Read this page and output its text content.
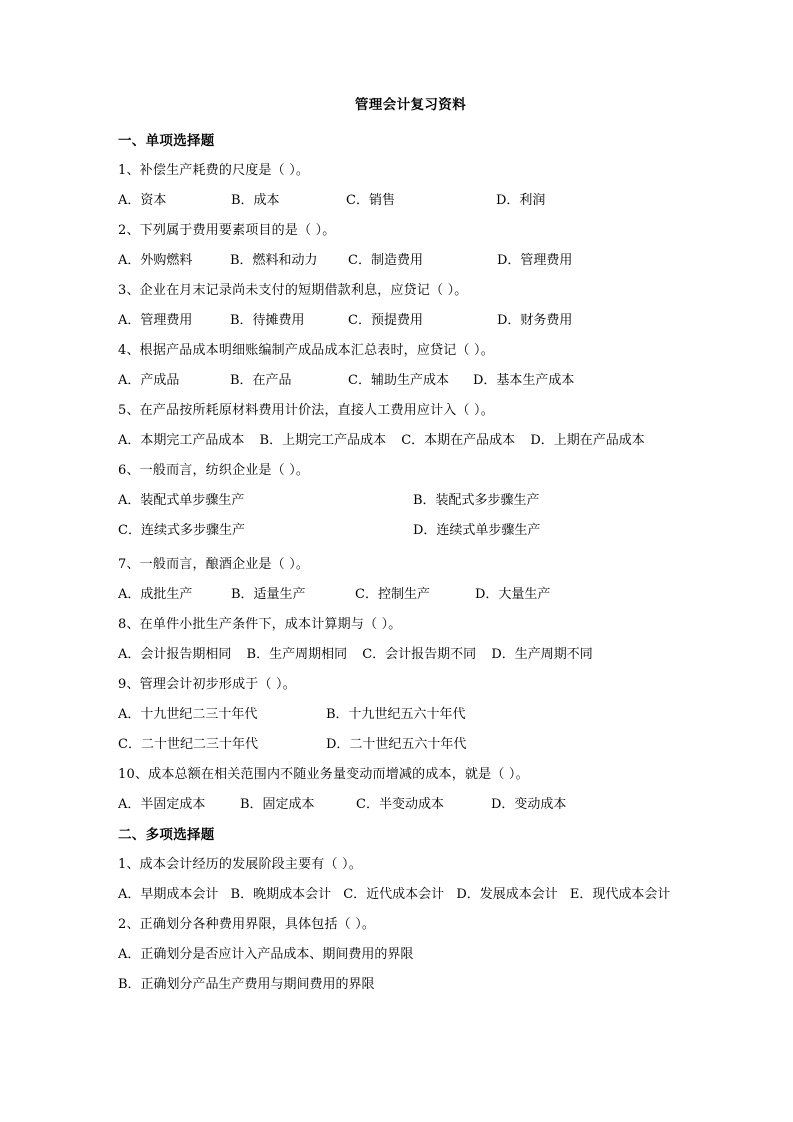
管理会计复习资料
一、单项选择题
1、补偿生产耗费的尺度是（ ）。
A．资本	B．成本	C．销售	D．利润
2、下列属于费用要素项目的是（ ）。
A．外购燃料	B．燃料和动力 C．制造费用	D．管理费用
3、企业在月末记录尚未支付的短期借款利息，应贷记（ ）。
A．管理费用	B．待摊费用	C．预提费用	D．财务费用
4、根据产品成本明细账编制产成品成本汇总表时，应贷记（ ）。
A．产成品	B．在产品	C．辅助生产成本 D．基本生产成本
5、在产品按所耗原材料费用计价法，直接人工费用应计入（ ）。
A．本期完工产品成本 B．上期完工产品成本 C．本期在产品成本 D．上期在产品成本
6、一般而言，纺织企业是（ ）。
A．装配式单步骤生产	B．装配式多步骤生产
C．连续式多步骤生产	D．连续式单步骤生产
7、一般而言，酿酒企业是（ ）。
A．成批生产	B．适量生产	C．控制生产	D．大量生产
8、在单件小批生产条件下，成本计算期与（ ）。
A．会计报告期相同 B．生产周期相同 C．会计报告期不同 D．生产周期不同
9、管理会计初步形成于（ ）。
A．十九世纪二三十年代	B．十九世纪五六十年代
C．二十世纪二三十年代	D．二十世纪五六十年代
10、成本总额在相关范围内不随业务量变动而增减的成本，就是（ ）。
A．半固定成本	B．固定成本	C．半变动成本	D．变动成本
二、多项选择题
1、成本会计经历的发展阶段主要有（ ）。
A．早期成本会计 B．晚期成本会计 C．近代成本会计 D．发展成本会计 E．现代成本会计
2、正确划分各种费用界限，具体包括（ ）。
A．正确划分是否应计入产品成本、期间费用的界限
B．正确划分产品生产费用与期间费用的界限
